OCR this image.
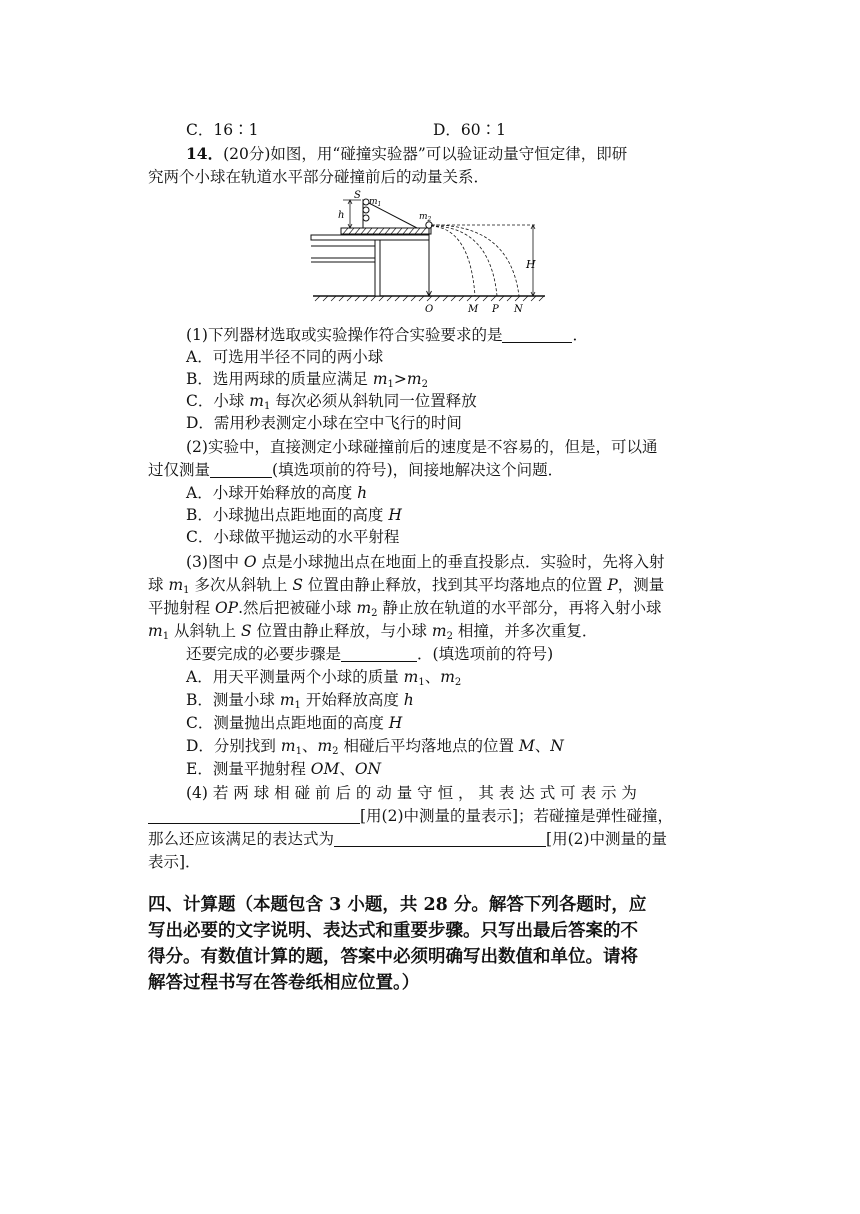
C．16∶1	D．60∶1
14．(20分)如图，用“碰撞实验器”可以验证动量守恒定律，即研
究两个小球在轨道水平部分碰撞前后的动量关系．
S
$m_1$
h	$m_2$
H
O	M P N
(1)下列器材选取或实验操作符合实验要求的是	．
A．可选用半径不同的两小球
B．选用两球的质量应满足 $m_1>m_2$
C．小球 $m_1$ 每次必须从斜轨同一位置释放
D．需用秒表测定小球在空中飞行的时间
(2)实验中，直接测定小球碰撞前后的速度是不容易的，但是，可以通
过仅测量	(填选项前的符号)，间接地解决这个问题．
A．小球开始释放的高度 h
B．小球抛出点距地面的高度 H
C．小球做平抛运动的水平射程
(3)图中 O 点是小球抛出点在地面上的垂直投影点．实验时，先将入射
球 $m_1$ 多次从斜轨上 S 位置由静止释放，找到其平均落地点的位置 P，测量
平抛射程 OP.然后把被碰小球 $m_2$ 静止放在轨道的水平部分，再将入射小球
$m_1$ 从斜轨上 S 位置由静止释放，与小球 $m_2$ 相撞，并多次重复．
还要完成的必要步骤是	．(填选项前的符号)
A．用天平测量两个小球的质量 $m_1$、$m_2$
B．测量小球 $m_1$ 开始释放高度 h
C．测量抛出点距地面的高度 H
D．分别找到 $m_1$、$m_2$ 相碰后平均落地点的位置 M、N
E．测量平抛射程 OM、ON
(4) 若 两 球 相 碰 前 后 的 动 量 守 恒 ， 其 表 达 式 可 表 示 为
[用(2)中测量的量表示]；若碰撞是弹性碰撞，
那么还应该满足的表达式为	[用(2)中测量的量
表示]．
四、计算题（本题包含 3 小题，共 28 分。解答下列各题时，应
写出必要的文字说明、表达式和重要步骤。只写出最后答案的不
得分。有数值计算的题，答案中必须明确写出数值和单位。请将
解答过程书写在答卷纸相应位置。）
